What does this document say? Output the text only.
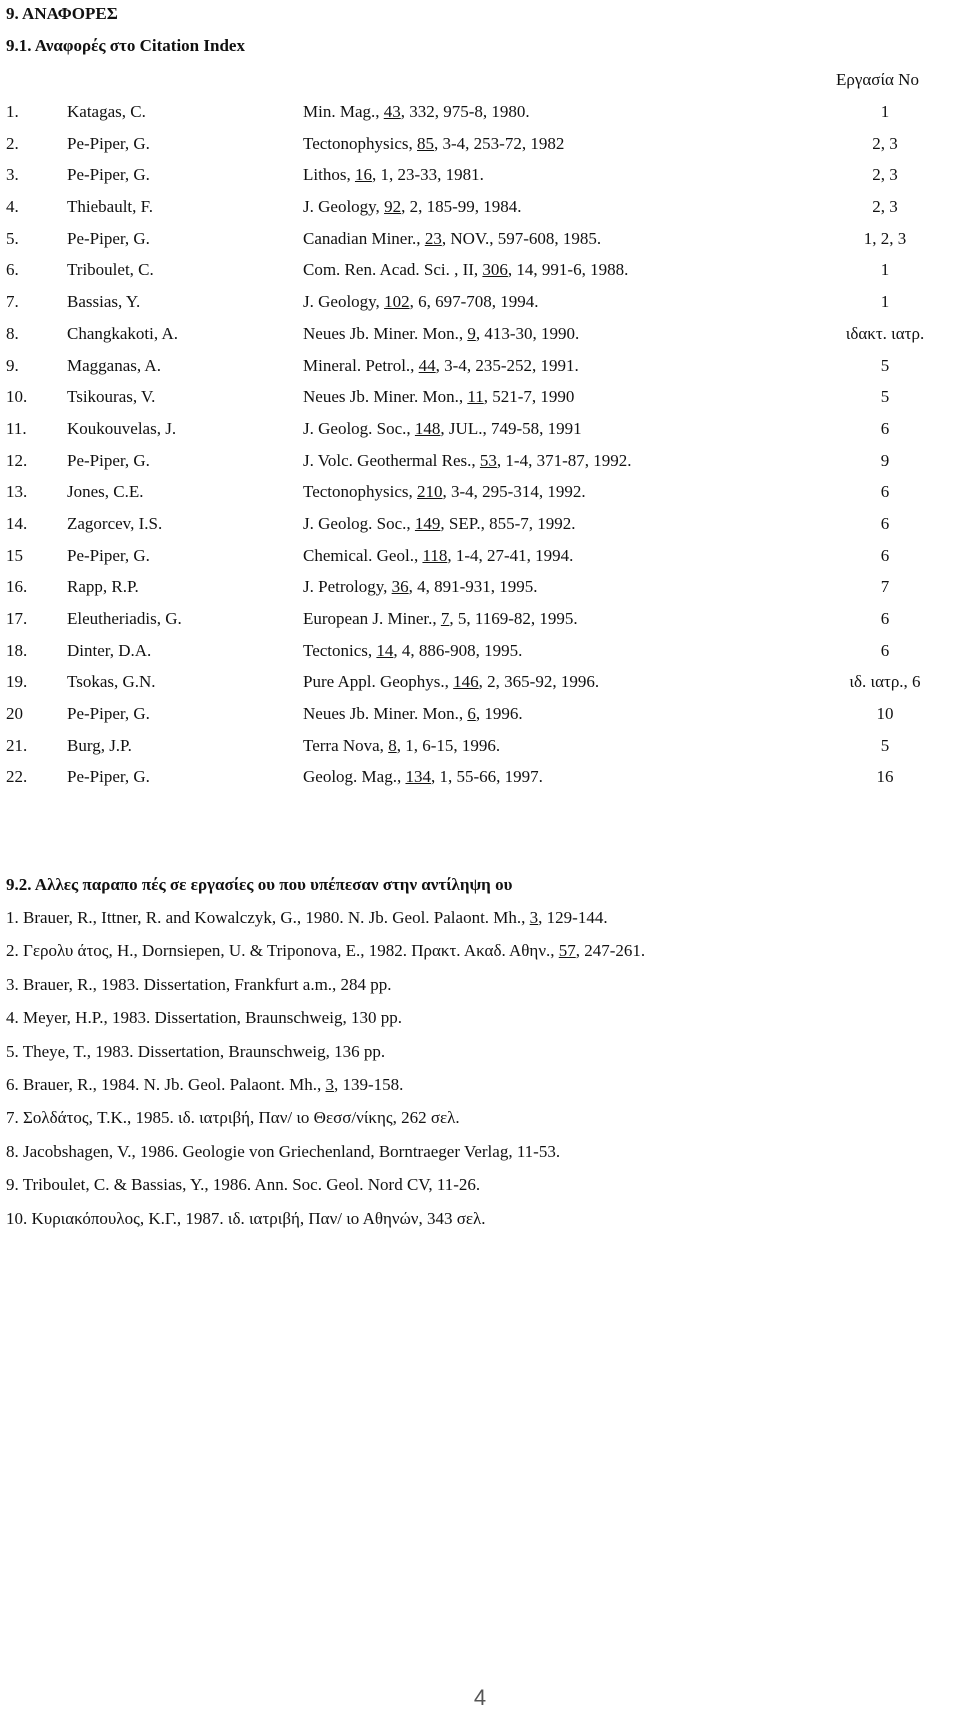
9. ΑΝΑΦΟΡΕΣ
9.1. Αναφορές στο Citation Index
Εργασία No
1.	Katagas, C.	Min. Mag., 43, 332, 975-8, 1980.	1
2.	Pe-Piper, G.	Tectonophysics, 85, 3-4, 253-72, 1982	2, 3
3.	Pe-Piper, G.	Lithos, 16, 1, 23-33, 1981.	2, 3
4.	Thiebault, F.	J. Geology, 92, 2, 185-99, 1984.	2, 3
5.	Pe-Piper, G.	Canadian Miner., 23, NOV., 597-608, 1985.	1, 2, 3
6.	Triboulet, C.	Com. Ren. Acad. Sci. , II, 306, 14, 991-6, 1988.	1
7.	Bassias, Y.	J. Geology, 102, 6, 697-708, 1994.	1
8.	Changkakoti, A.	Neues Jb. Miner. Mon., 9, 413-30, 1990.	ιδακτ. ιατρ.
9.	Magganas, A.	Mineral. Petrol., 44, 3-4, 235-252, 1991.	5
10. Tsikouras, V.	Neues Jb. Miner. Mon., 11, 521-7, 1990	5
11. Koukouvelas, J.	J. Geolog. Soc., 148, JUL., 749-58, 1991	6
12. Pe-Piper, G.	J. Volc. Geothermal Res., 53, 1-4, 371-87, 1992.	9
13. Jones, C.E.	Tectonophysics, 210, 3-4, 295-314, 1992.	6
14. Zagorcev, I.S.	J. Geolog. Soc., 149, SEP., 855-7, 1992.	6
15	Pe-Piper, G.	Chemical. Geol., 118, 1-4, 27-41, 1994.	6
16. Rapp, R.P.	J. Petrology, 36, 4, 891-931, 1995.	7
17. Eleutheriadis, G.	European J. Miner., 7, 5, 1169-82, 1995.	6
18. Dinter, D.A.	Tectonics, 14, 4, 886-908, 1995.	6
19. Tsokas, G.N.	Pure Appl. Geophys., 146, 2, 365-92, 1996.	ιδ. ιατρ., 6
20	Pe-Piper, G.	Neues Jb. Miner. Mon., 6, 1996.	10
21. Burg, J.P.	Terra Nova, 8, 1, 6-15, 1996.	5
22. Pe-Piper, G.	Geolog. Mag., 134, 1, 55-66, 1997.	16
9.2. Αλλες παραπο πές σε εργασίες ου που υπέπεσαν στην αντίληψη ου
1. Brauer, R., Ittner, R. and Kowalczyk, G., 1980. N. Jb. Geol. Palaont. Mh., 3, 129-144.
2. Γερολυ άτος, H., Dornsiepen, U. & Triponova, E., 1982. Πρακτ. Ακαδ. Αθην., 57, 247-261.
3. Brauer, R., 1983. Dissertation, Frankfurt a.m., 284 pp.
4. Meyer, H.P., 1983. Dissertation, Braunschweig, 130 pp.
5. Theye, T., 1983. Dissertation, Braunschweig, 136 pp.
6. Brauer, R., 1984. N. Jb. Geol. Palaont. Mh., 3, 139-158.
7. Σολδάτος, T.K., 1985. ιδ. ιατριβή, Παν/ ιο Θεσσ/νίκης, 262 σελ.
8. Jacobshagen, V., 1986. Geologie von Griechenland, Borntraeger Verlag, 11-53.
9. Triboulet, C. & Bassias, Y., 1986. Ann. Soc. Geol. Nord CV, 11-26.
10. Κυριακόπουλος, K.Γ., 1987. ιδ. ιατριβή, Παν/ ιο Αθηνών, 343 σελ.
4
